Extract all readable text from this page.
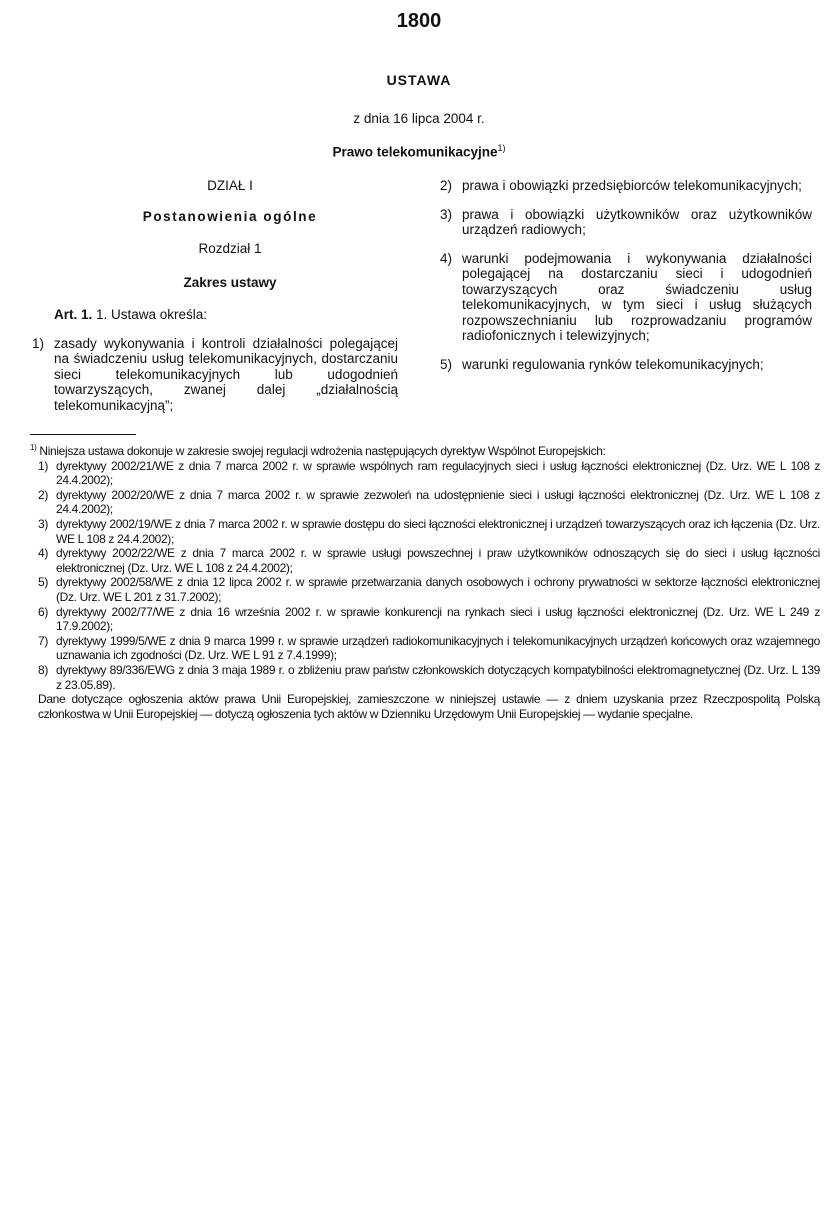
1800
USTAWA
z dnia 16 lipca 2004 r.
Prawo telekomunikacyjne$^{1)}$
DZIAŁ I
Postanowienia ogólne
Rozdział 1
Zakres ustawy
Art. 1. 1. Ustawa określa:
1) zasady wykonywania i kontroli działalności polegającej na świadczeniu usług telekomunikacyjnych, dostarczaniu sieci telekomunikacyjnych lub udogodnień towarzyszących, zwanej dalej „działalnością telekomunikacyjną”;
2) prawa i obowiązki przedsiębiorców telekomunikacyjnych;
3) prawa i obowiązki użytkowników oraz użytkowników urządzeń radiowych;
4) warunki podejmowania i wykonywania działalności polegającej na dostarczaniu sieci i udogodnień towarzyszących oraz świadczeniu usług telekomunikacyjnych, w tym sieci i usług służących rozpowszechnianiu lub rozprowadzaniu programów radiofonicznych i telewizyjnych;
5) warunki regulowania rynków telekomunikacyjnych;
$^{1)}$ Niniejsza ustawa dokonuje w zakresie swojej regulacji wdrożenia następujących dyrektyw Wspólnot Europejskich:
1) dyrektywy 2002/21/WE z dnia 7 marca 2002 r. w sprawie wspólnych ram regulacyjnych sieci i usług łączności elektronicznej (Dz. Urz. WE L 108 z 24.4.2002);
2) dyrektywy 2002/20/WE z dnia 7 marca 2002 r. w sprawie zezwoleń na udostępnienie sieci i usługi łączności elektronicznej (Dz. Urz. WE L 108 z 24.4.2002);
3) dyrektywy 2002/19/WE z dnia 7 marca 2002 r. w sprawie dostępu do sieci łączności elektronicznej i urządzeń towarzyszących oraz ich łączenia (Dz. Urz. WE L 108 z 24.4.2002);
4) dyrektywy 2002/22/WE z dnia 7 marca 2002 r. w sprawie usługi powszechnej i praw użytkowników odnoszących się do sieci i usług łączności elektronicznej (Dz. Urz. WE L 108 z 24.4.2002);
5) dyrektywy 2002/58/WE z dnia 12 lipca 2002 r. w sprawie przetwarzania danych osobowych i ochrony prywatności w sektorze łączności elektronicznej (Dz. Urz. WE L 201 z 31.7.2002);
6) dyrektywy 2002/77/WE z dnia 16 września 2002 r. w sprawie konkurencji na rynkach sieci i usług łączności elektronicznej (Dz. Urz. WE L 249 z 17.9.2002);
7) dyrektywy 1999/5/WE z dnia 9 marca 1999 r. w sprawie urządzeń radiokomunikacyjnych i telekomunikacyjnych urządzeń końcowych oraz wzajemnego uznawania ich zgodności (Dz. Urz. WE L 91 z 7.4.1999);
8) dyrektywy 89/336/EWG z dnia 3 maja 1989 r. o zbliżeniu praw państw członkowskich dotyczących kompatybilności elektromagnetycznej (Dz. Urz. L 139 z 23.05.89).
Dane dotyczące ogłoszenia aktów prawa Unii Europejskiej, zamieszczone w niniejszej ustawie — z dniem uzyskania przez Rzeczpospolitą Polską członkostwa w Unii Europejskiej — dotyczą ogłoszenia tych aktów w Dzienniku Urzędowym Unii Europejskiej — wydanie specjalne.
